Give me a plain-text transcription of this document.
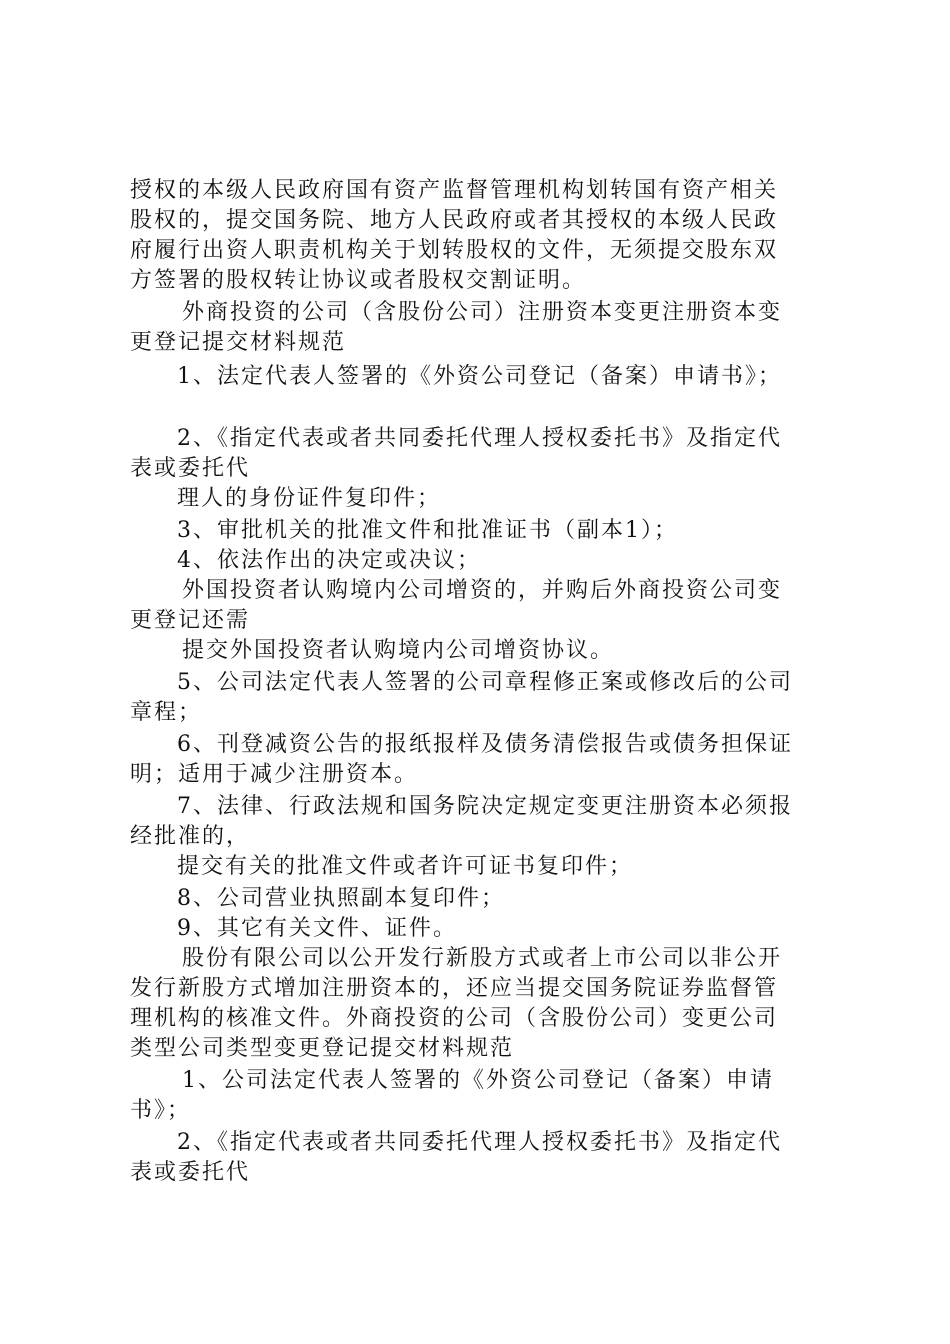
授权的本级人民政府国有资产监督管理机构划转国有资产相关
股权的，提交国务院、地方人民政府或者其授权的本级人民政
府履行出资人职责机构关于划转股权的文件，无须提交股东双
方签署的股权转让协议或者股权交割证明。
外商投资的公司（含股份公司）注册资本变更注册资本变
更登记提交材料规范
1、法定代表人签署的《外资公司登记（备案）申请书》；
2、《指定代表或者共同委托代理人授权委托书》及指定代
表或委托代
理人的身份证件复印件；
3、审批机关的批准文件和批准证书（副本1）；
4、依法作出的决定或决议；
外国投资者认购境内公司增资的，并购后外商投资公司变
更登记还需
提交外国投资者认购境内公司增资协议。
5、公司法定代表人签署的公司章程修正案或修改后的公司
章程；
6、刊登减资公告的报纸报样及债务清偿报告或债务担保证
明；适用于减少注册资本。
7、法律、行政法规和国务院决定规定变更注册资本必须报
经批准的，
提交有关的批准文件或者许可证书复印件；
8、公司营业执照副本复印件；
9、其它有关文件、证件。
股份有限公司以公开发行新股方式或者上市公司以非公开
发行新股方式增加注册资本的，还应当提交国务院证券监督管
理机构的核准文件。外商投资的公司（含股份公司）变更公司
类型公司类型变更登记提交材料规范
1、公司法定代表人签署的《外资公司登记（备案）申请
书》；
2、《指定代表或者共同委托代理人授权委托书》及指定代
表或委托代
